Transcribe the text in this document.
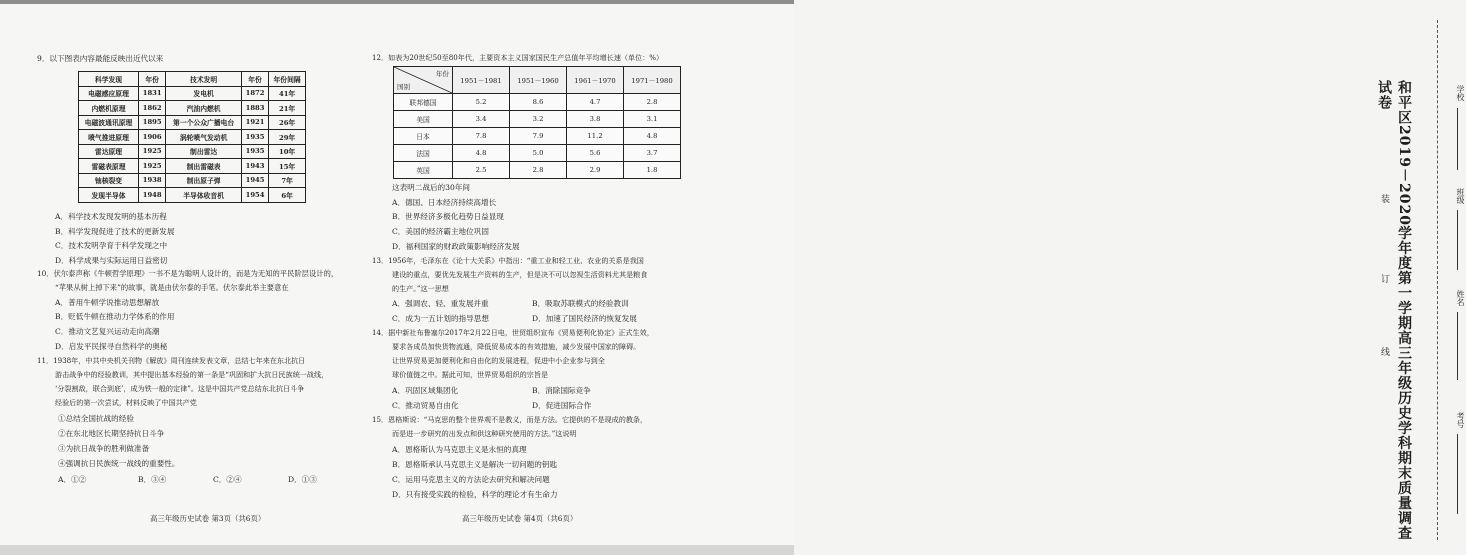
9．以下图表内容最能反映出近代以来
科学发现	年份	技术发明	年份	年份间隔
电磁感应原理	1831	发电机	1872	41年
内燃机原理	1862	汽油内燃机	1883	21年
电磁波通讯原理	1895	第一个公众广播电台	1921	26年
喷气推进原理	1906	涡轮喷气发动机	1935	29年
雷达原理	1925	制出雷达	1935	10年
雷磁表原理	1925	制出雷磁表	1943	15年
铀核裂变	1938	制出原子弹	1945	7年
发现半导体	1948	半导体收音机	1954	6年
A．科学技术发现发明的基本历程
B．科学发现促进了技术的更新发展
C．技术发明孕育于科学发现之中
D．科学成果与实际运用日益密切
10．伏尔泰声称《牛顿哲学原理》一书不是为聪明人设计的，而是为无知的平民阶层设计的，
“苹果从树上掉下来”的故事，就是由伏尔泰的手笔。伏尔泰此举主要意在
A．普用牛顿学说推动思想解放
B．贬低牛顿在推动力学体系的作用
C．推动文艺复兴运动走向高潮
D．启发平民探寻自然科学的奥秘
11．1938年，中共中央机关刊物《解放》周刊连续发表文章，总结七年来在东北抗日
游击战争中的经验教训，其中提出基本经验的第一条是“巩固和扩大抗日民族统一战线，
‘分裂割敌，联合到底’，成为铁一般的定律”。这是中国共产党总结东北抗日斗争
经验后的第一次尝试，材料反映了中国共产党
①总结全国抗战的经验
②在东北地区长期坚持抗日斗争
③为抗日战争的胜利做准备
④强调抗日民族统一战线的重要性。
A．①②	B．③④	C．②④	D．①③
高三年级历史试卷 第3页（共6页）
12．如表为20世纪50至80年代，主要资本主义国家国民生产总值年平均增长速（单位：%）
年份
国别	1951－1981	1951－1960	1961－1970	1971－1980
联邦德国	5.2	8.6	4.7	2.8
美国	3.4	3.2	3.8	3.1
日本	7.8	7.9	11.2	4.8
法国	4.8	5.0	5.6	3.7
英国	2.5	2.8	2.9	1.8
这表明二战后的30年间
A．德国、日本经济持续高增长
B．世界经济多极化趋势日益显现
C．美国的经济霸主地位巩固
D．福利国家的财政政策影响经济发展
13．1956年，毛泽东在《论十大关系》中指出：“重工业和轻工业、农业的关系是我国
建设的重点，要优先发展生产资料的生产，但是决不可以忽视生活资料尤其是粮食
的生产。”这一思想
A．强调农、轻、重发展并重	B．吸取苏联模式的经验教训
C．成为一五计划的指导思想	D．加速了国民经济的恢复发展
14．据中新社布鲁塞尔2017年2月22日电，世贸组织宣布《贸易便利化协定》正式生效，
要求各成员加快货物流通，降低贸易成本的有效措施，减少发展中国家的障碍。
让世界贸易更加便利化和自由化的发展进程，促进中小企业参与到全
球价值链之中。据此可知，世界贸易组织的宗旨是
A．巩固区域集团化	B．消除国际竞争
C．推动贸易自由化	D．促进国际合作
15．恩格斯说：“马克思的整个世界观不是教义，而是方法。它提供的不是现成的教条，
而是进一步研究的出发点和供这种研究使用的方法。”这说明
A．恩格斯认为马克思主义是永恒的真理
B．恩格斯承认马克思主义是解决一切问题的钥匙
C．运用马克思主义的方法论去研究和解决问题
D．只有接受实践的检验，科学的理论才有生命力
高三年级历史试卷 第4页（共6页）	和平区2019－2020学年度第一学期高三年级历史学科期末质量调查试卷
装
订
线
学校
班级
姓名
考号
